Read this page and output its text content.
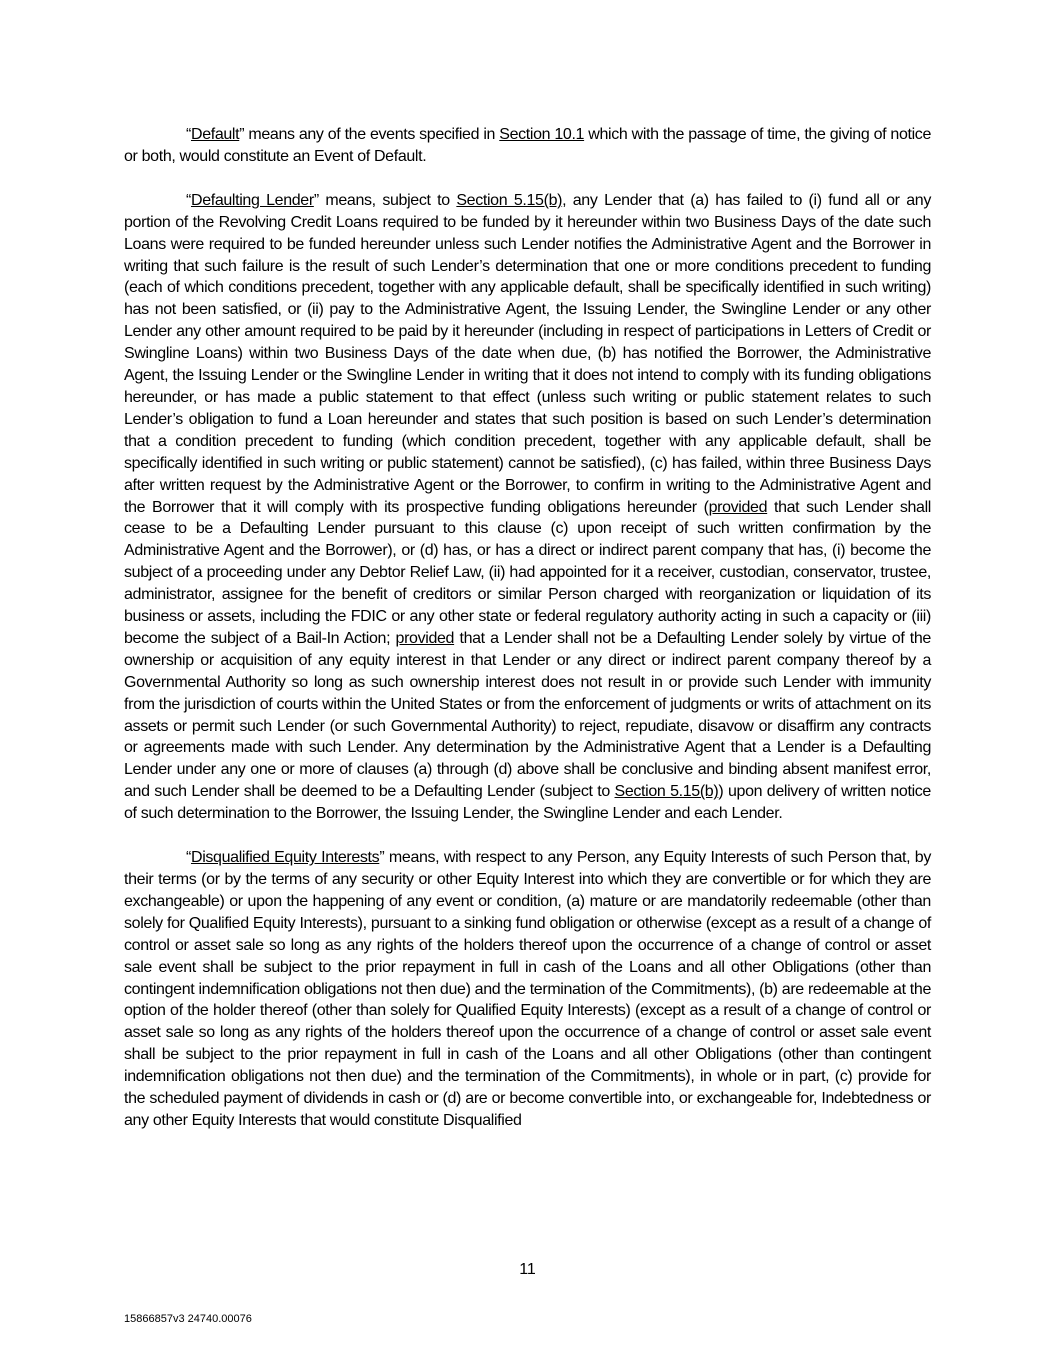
“Default” means any of the events specified in Section 10.1 which with the passage of time, the giving of notice or both, would constitute an Event of Default.

“Defaulting Lender” means, subject to Section 5.15(b), any Lender that (a) has failed to (i) fund all or any portion of the Revolving Credit Loans required to be funded by it hereunder within two Business Days of the date such Loans were required to be funded hereunder unless such Lender notifies the Administrative Agent and the Borrower in writing that such failure is the result of such Lender’s determination that one or more conditions precedent to funding (each of which conditions precedent, together with any applicable default, shall be specifically identified in such writing) has not been satisfied, or (ii) pay to the Administrative Agent, the Issuing Lender, the Swingline Lender or any other Lender any other amount required to be paid by it hereunder (including in respect of participations in Letters of Credit or Swingline Loans) within two Business Days of the date when due, (b) has notified the Borrower, the Administrative Agent, the Issuing Lender or the Swingline Lender in writing that it does not intend to comply with its funding obligations hereunder, or has made a public statement to that effect (unless such writing or public statement relates to such Lender’s obligation to fund a Loan hereunder and states that such position is based on such Lender’s determination that a condition precedent to funding (which condition precedent, together with any applicable default, shall be specifically identified in such writing or public statement) cannot be satisfied), (c) has failed, within three Business Days after written request by the Administrative Agent or the Borrower, to confirm in writing to the Administrative Agent and the Borrower that it will comply with its prospective funding obligations hereunder (provided that such Lender shall cease to be a Defaulting Lender pursuant to this clause (c) upon receipt of such written confirmation by the Administrative Agent and the Borrower), or (d) has, or has a direct or indirect parent company that has, (i) become the subject of a proceeding under any Debtor Relief Law, (ii) had appointed for it a receiver, custodian, conservator, trustee, administrator, assignee for the benefit of creditors or similar Person charged with reorganization or liquidation of its business or assets, including the FDIC or any other state or federal regulatory authority acting in such a capacity or (iii) become the subject of a Bail-In Action; provided that a Lender shall not be a Defaulting Lender solely by virtue of the ownership or acquisition of any equity interest in that Lender or any direct or indirect parent company thereof by a Governmental Authority so long as such ownership interest does not result in or provide such Lender with immunity from the jurisdiction of courts within the United States or from the enforcement of judgments or writs of attachment on its assets or permit such Lender (or such Governmental Authority) to reject, repudiate, disavow or disaffirm any contracts or agreements made with such Lender. Any determination by the Administrative Agent that a Lender is a Defaulting Lender under any one or more of clauses (a) through (d) above shall be conclusive and binding absent manifest error, and such Lender shall be deemed to be a Defaulting Lender (subject to Section 5.15(b)) upon delivery of written notice of such determination to the Borrower, the Issuing Lender, the Swingline Lender and each Lender.

“Disqualified Equity Interests” means, with respect to any Person, any Equity Interests of such Person that, by their terms (or by the terms of any security or other Equity Interest into which they are convertible or for which they are exchangeable) or upon the happening of any event or condition, (a) mature or are mandatorily redeemable (other than solely for Qualified Equity Interests), pursuant to a sinking fund obligation or otherwise (except as a result of a change of control or asset sale so long as any rights of the holders thereof upon the occurrence of a change of control or asset sale event shall be subject to the prior repayment in full in cash of the Loans and all other Obligations (other than contingent indemnification obligations not then due) and the termination of the Commitments), (b) are redeemable at the option of the holder thereof (other than solely for Qualified Equity Interests) (except as a result of a change of control or asset sale so long as any rights of the holders thereof upon the occurrence of a change of control or asset sale event shall be subject to the prior repayment in full in cash of the Loans and all other Obligations (other than contingent indemnification obligations not then due) and the termination of the Commitments), in whole or in part, (c) provide for the scheduled payment of dividends in cash or (d) are or become convertible into, or exchangeable for, Indebtedness or any other Equity Interests that would constitute Disqualified

11
15866857v3 24740.00076
